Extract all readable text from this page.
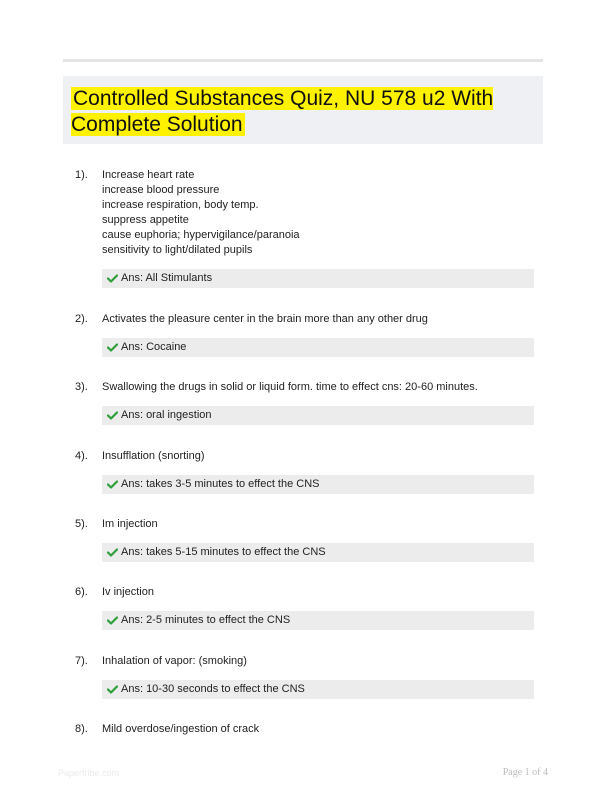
Controlled Substances Quiz, NU 578 u2 With Complete Solution
1). Increase heart rate
increase blood pressure
increase respiration, body temp.
suppress appetite
cause euphoria; hypervigilance/paranoia
sensitivity to light/dilated pupils
Ans: All Stimulants
2). Activates the pleasure center in the brain more than any other drug
Ans: Cocaine
3). Swallowing the drugs in solid or liquid form. time to effect cns: 20-60 minutes.
Ans: oral ingestion
4). Insufflation (snorting)
Ans: takes 3-5 minutes to effect the CNS
5). Im injection
Ans: takes 5-15 minutes to effect the CNS
6). Iv injection
Ans: 2-5 minutes to effect the CNS
7). Inhalation of vapor: (smoking)
Ans: 10-30 seconds to effect the CNS
8). Mild overdose/ingestion of crack
Papertribe.com	Page 1 of 4
